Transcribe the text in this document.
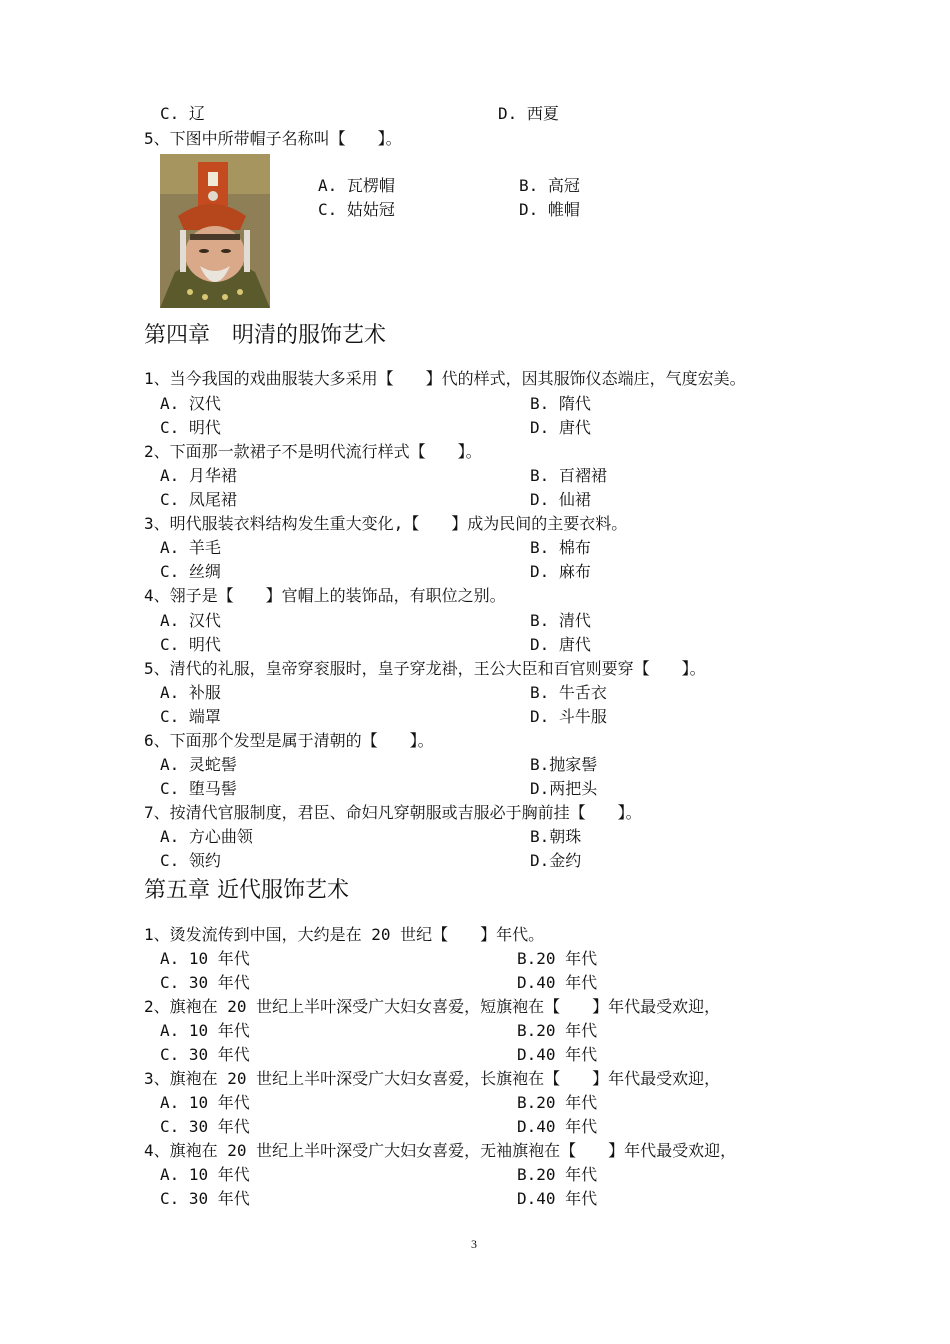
C. 辽	D. 西夏
5、下图中所带帽子名称叫【　　】。
A. 瓦楞帽	B. 高冠
C. 姑姑冠	D. 帷帽
第四章　明清的服饰艺术
1、当今我国的戏曲服装大多采用【　　】代的样式，因其服饰仪态端庄，气度宏美。
A. 汉代	B. 隋代
C. 明代	D. 唐代
2、下面那一款裙子不是明代流行样式【　　】。
A. 月华裙	B. 百褶裙
C. 凤尾裙	D. 仙裙
3、明代服装衣料结构发生重大变化,【　　】成为民间的主要衣料。
A. 羊毛	B. 棉布
C. 丝绸	D. 麻布
4、翎子是【　　】官帽上的装饰品，有职位之别。
A. 汉代	B. 清代
C. 明代	D. 唐代
5、清代的礼服，皇帝穿衮服时，皇子穿龙褂，王公大臣和百官则要穿【　　】。
A. 补服	B. 牛舌衣
C. 端罩	D. 斗牛服
6、下面那个发型是属于清朝的【　　】。
A. 灵蛇髻	B.抛家髻
C. 堕马髻	D.两把头
7、按清代官服制度，君臣、命妇凡穿朝服或吉服必于胸前挂【　　】。
A. 方心曲领	B.朝珠
C. 领约	D.金约
第五章 近代服饰艺术
1、烫发流传到中国，大约是在 20 世纪【　　】年代。
A. 10 年代	B.20 年代
C. 30 年代	D.40 年代
2、旗袍在 20 世纪上半叶深受广大妇女喜爱，短旗袍在【　　】年代最受欢迎，
A. 10 年代	B.20 年代
C. 30 年代	D.40 年代
3、旗袍在 20 世纪上半叶深受广大妇女喜爱，长旗袍在【　　】年代最受欢迎，
A. 10 年代	B.20 年代
C. 30 年代	D.40 年代
4、旗袍在 20 世纪上半叶深受广大妇女喜爱，无袖旗袍在【　　】年代最受欢迎，
A. 10 年代	B.20 年代
C. 30 年代	D.40 年代
3
